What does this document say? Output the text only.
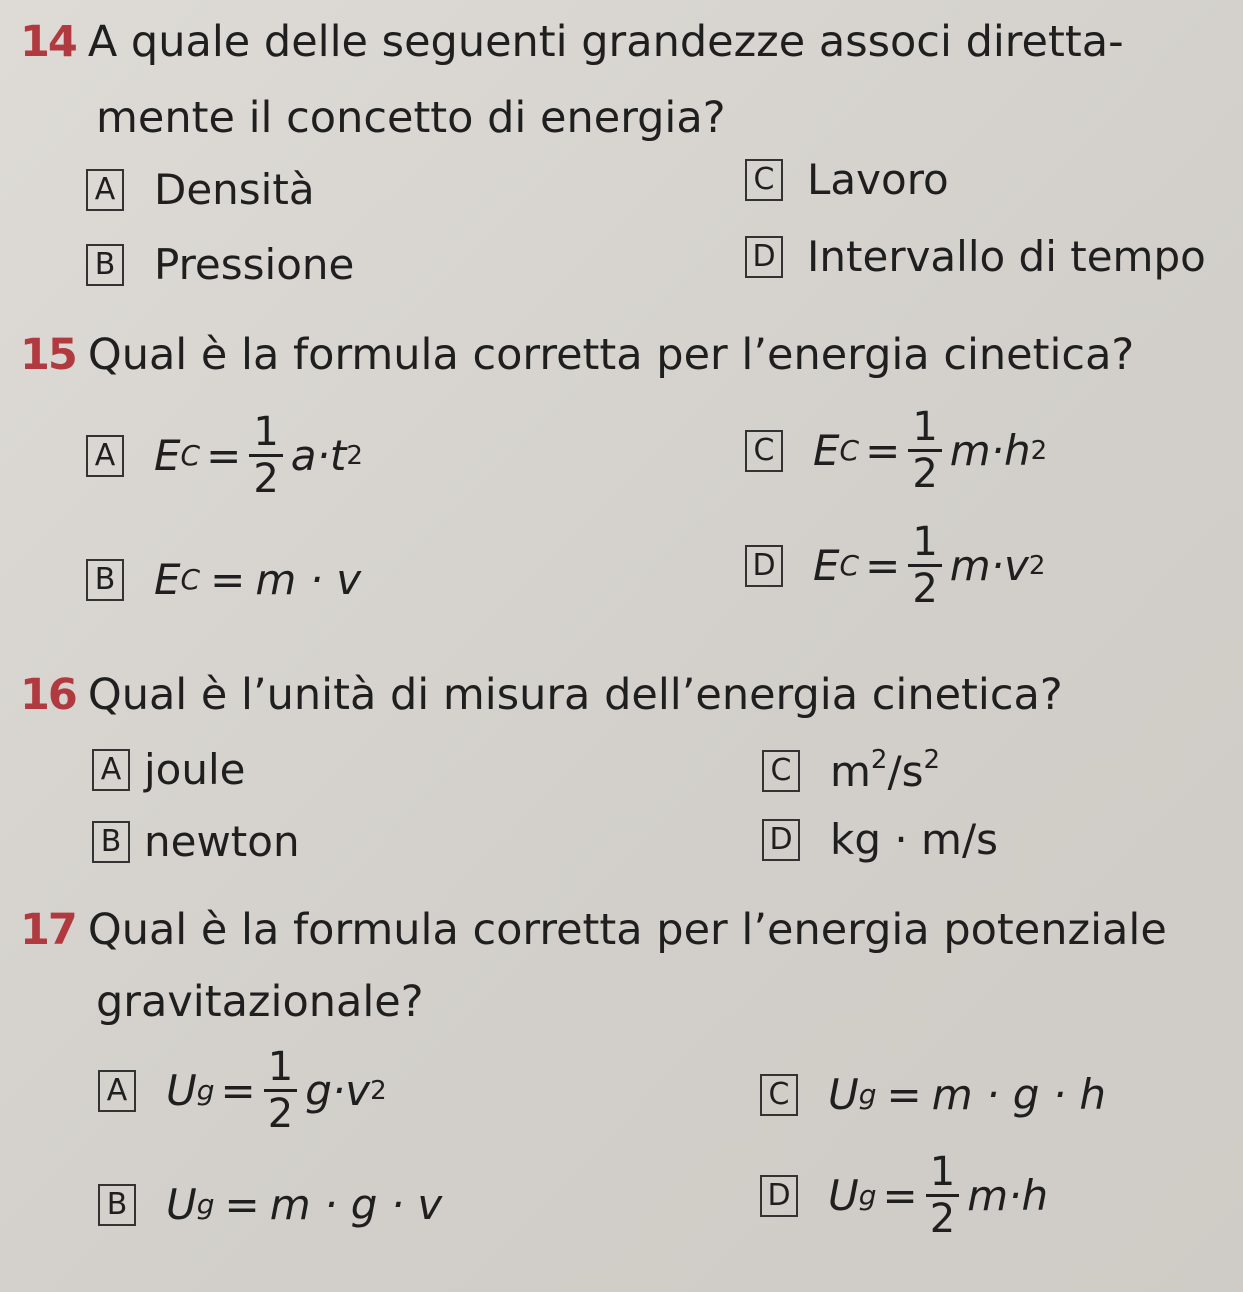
14 A quale delle seguenti grandezze associ diretta-
mente il concetto di energia?
A Densità
B Pressione
C Lavoro
D Intervallo di tempo
15 Qual è la formula corretta per l’energia cinetica?
A E $C = \frac{1}{2} a\cdot t$ 2
B E C = m · v
C E $C = \frac{1}{2} m\cdot h$ 2
D E $C = \frac{1}{2} m\cdot v$ 2
16 Qual è l’unità di misura dell’energia cinetica?
A joule
B newton
C $m^2/s^2$
D kg · m/s
17 Qual è la formula corretta per l’energia potenziale
gravitazionale?
A U $g = \frac{1}{2} g\cdot v$ 2
B U g = m · g · v
C U g = m · g · h
D U $g = \frac{1}{2} m\cdot h$
